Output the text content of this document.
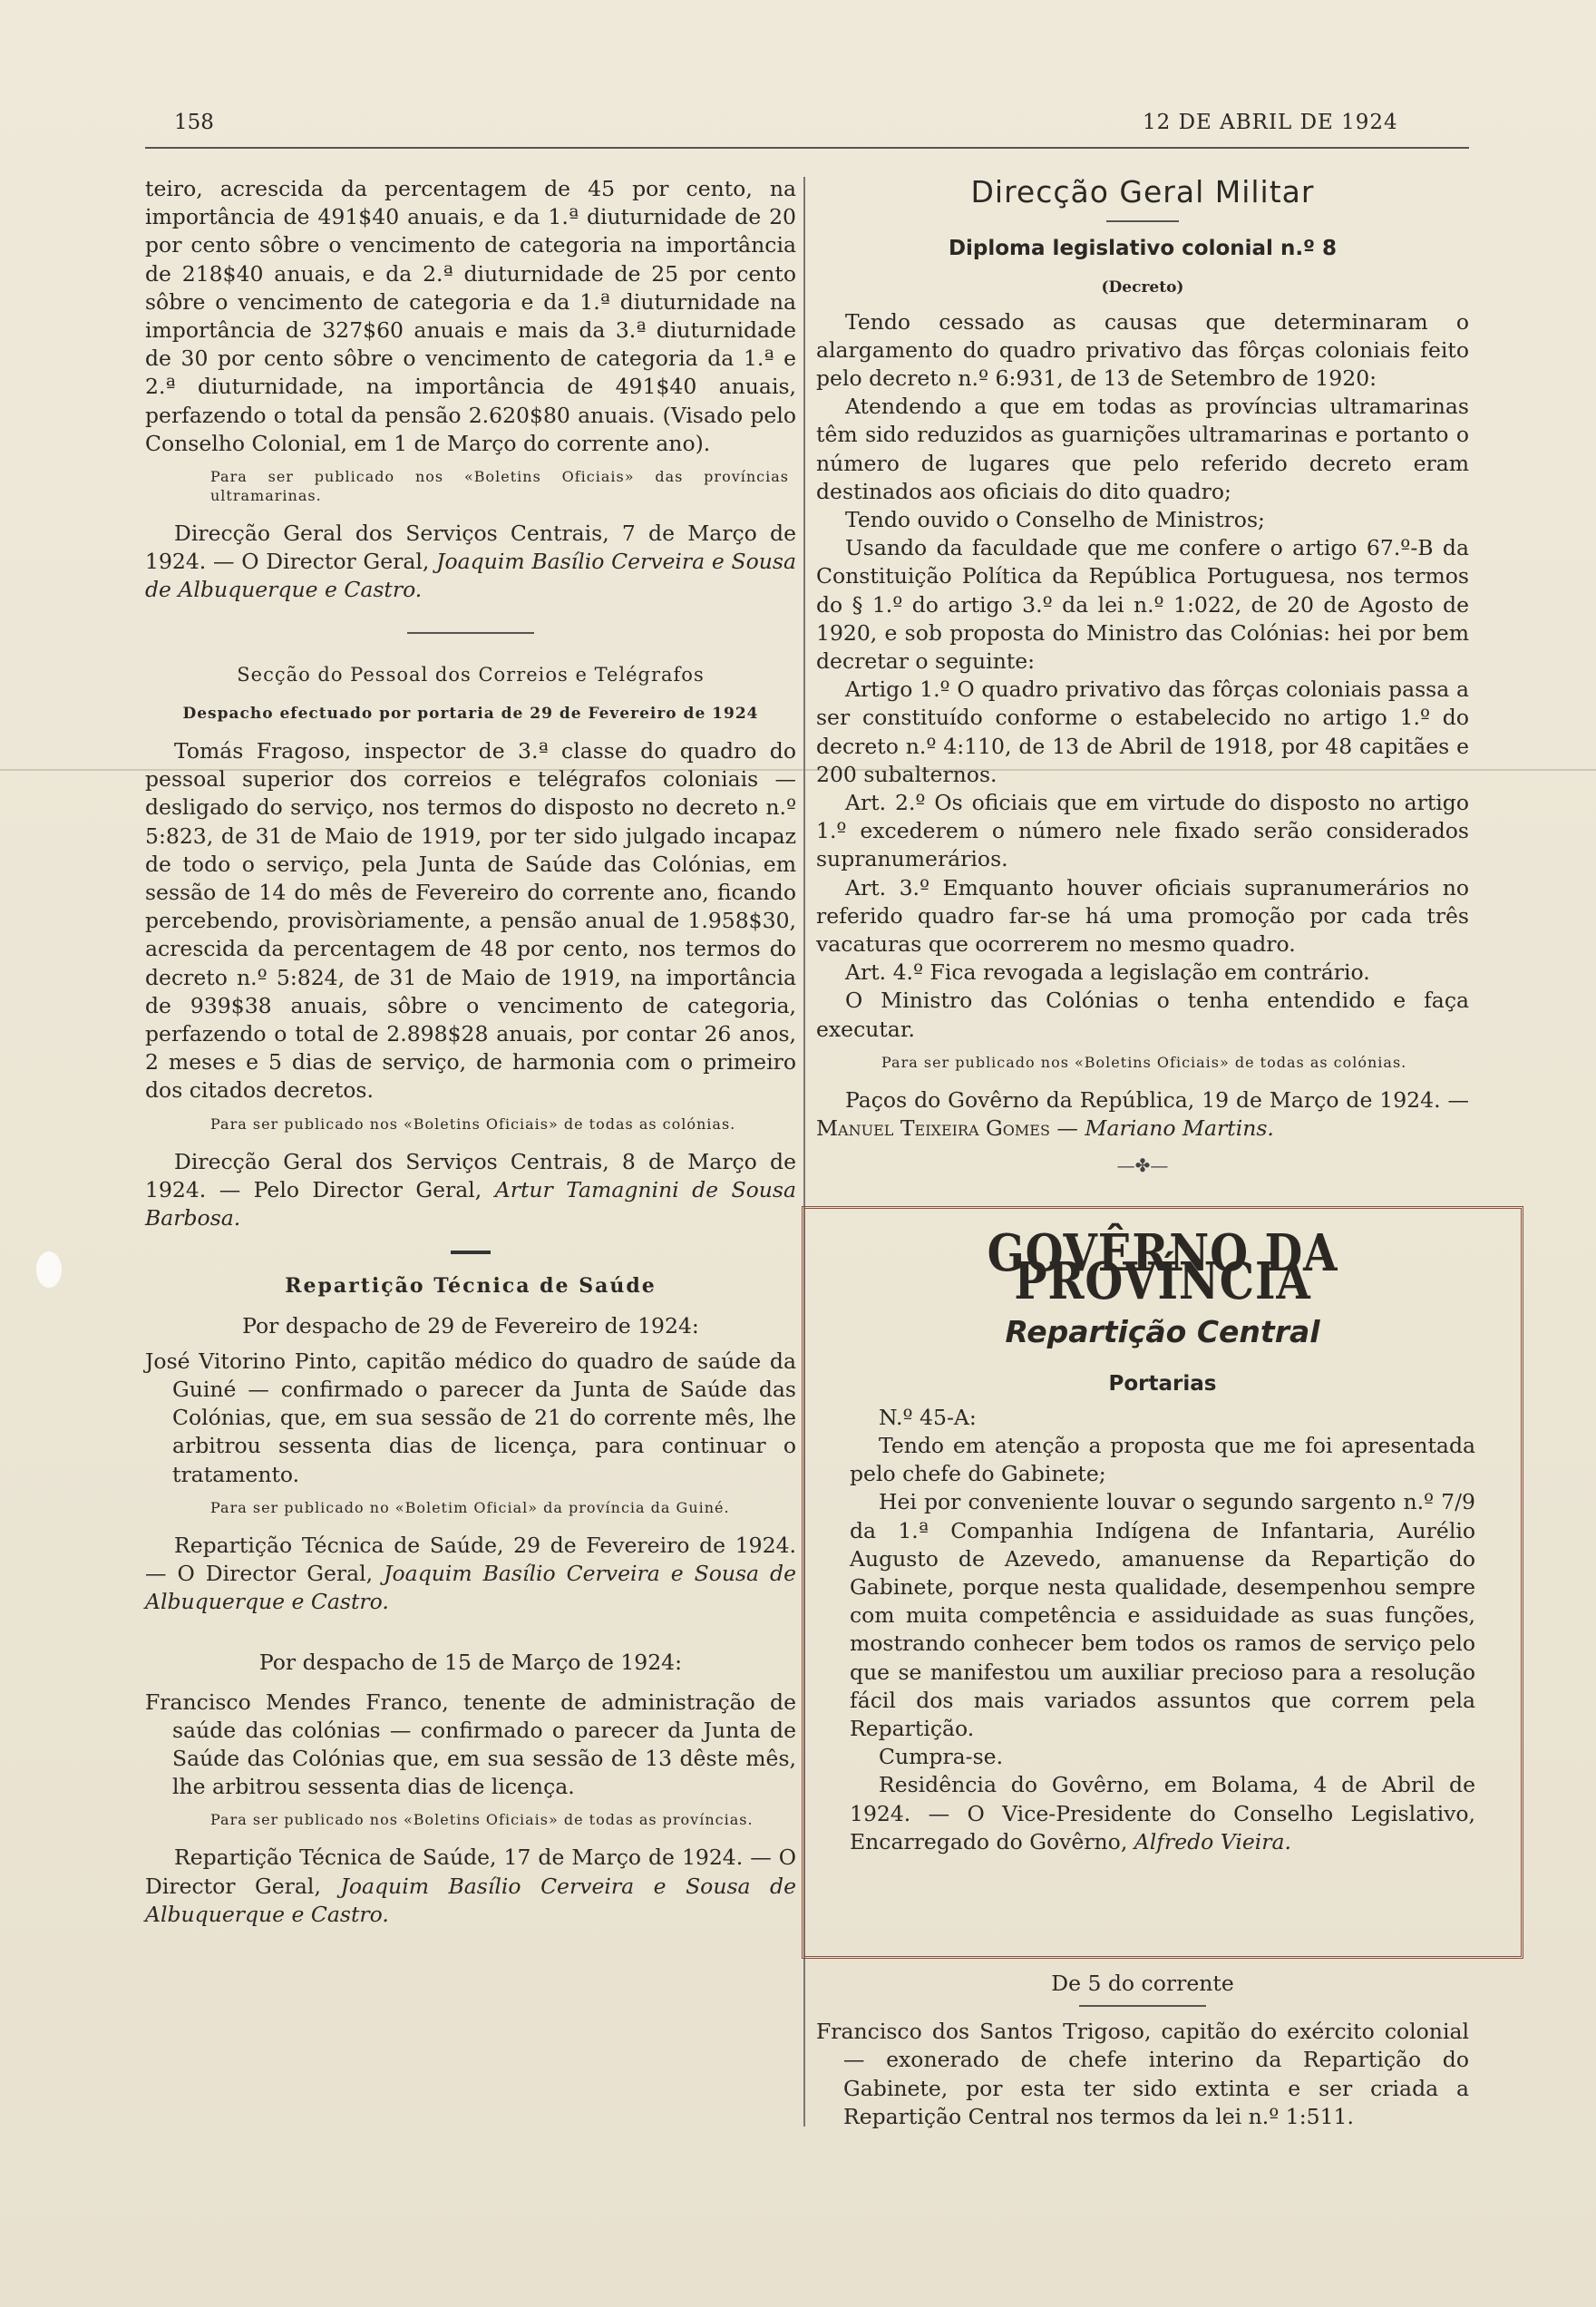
158	12 DE ABRIL DE 1924

teiro, acrescida da percentagem de 45 por cento, na importância de 491$40 anuais, e da 1.ª diuturnidade de 20 por cento sôbre o vencimento de categoria na importância de 218$40 anuais, e da 2.ª diuturnidade de 25 por cento sôbre o vencimento de categoria e da 1.ª diuturnidade na importância de 327$60 anuais e mais da 3.ª diuturnidade de 30 por cento sôbre o vencimento de categoria da 1.ª e 2.ª diuturnidade, na importância de 491$40 anuais, perfazendo o total da pensão 2.620$80 anuais. (Visado pelo Conselho Colonial, em 1 de Março do corrente ano).

Para ser publicado nos «Boletins Oficiais» das províncias ultramarinas.

Direcção Geral dos Serviços Centrais, 7 de Março de 1924. — O Director Geral, Joaquim Basílio Cerveira e Sousa de Albuquerque e Castro.

Secção do Pessoal dos Correios e Telégrafos

Despacho efectuado por portaria de 29 de Fevereiro de 1924

Tomás Fragoso, inspector de 3.ª classe do quadro do pessoal superior dos correios e telégrafos coloniais — desligado do serviço, nos termos do disposto no decreto n.º 5:823, de 31 de Maio de 1919, por ter sido julgado incapaz de todo o serviço, pela Junta de Saúde das Colónias, em sessão de 14 do mês de Fevereiro do corrente ano, ficando percebendo, provisòriamente, a pensão anual de 1.958$30, acrescida da percentagem de 48 por cento, nos termos do decreto n.º 5:824, de 31 de Maio de 1919, na importância de 939$38 anuais, sôbre o vencimento de categoria, perfazendo o total de 2.898$28 anuais, por contar 26 anos, 2 meses e 5 dias de serviço, de harmonia com o primeiro dos citados decretos.

Para ser publicado nos «Boletins Oficiais» de todas as colónias.

Direcção Geral dos Serviços Centrais, 8 de Março de 1924. — Pelo Director Geral, Artur Tamagnini de Sousa Barbosa.

Repartição Técnica de Saúde

Por despacho de 29 de Fevereiro de 1924:

José Vitorino Pinto, capitão médico do quadro de saúde da Guiné — confirmado o parecer da Junta de Saúde das Colónias, que, em sua sessão de 21 do corrente mês, lhe arbitrou sessenta dias de licença, para continuar o tratamento.

Para ser publicado no «Boletim Oficial» da província da Guiné.

Repartição Técnica de Saúde, 29 de Fevereiro de 1924. — O Director Geral, Joaquim Basílio Cerveira e Sousa de Albuquerque e Castro.

Por despacho de 15 de Março de 1924:

Francisco Mendes Franco, tenente de administração de saúde das colónias — confirmado o parecer da Junta de Saúde das Colónias que, em sua sessão de 13 dêste mês, lhe arbitrou sessenta dias de licença.

Para ser publicado nos «Boletins Oficiais» de todas as províncias.

Repartição Técnica de Saúde, 17 de Março de 1924. — O Director Geral, Joaquim Basílio Cerveira e Sousa de Albuquerque e Castro.

Direcção Geral Militar

Diploma legislativo colonial n.º 8

(Decreto)

Tendo cessado as causas que determinaram o alargamento do quadro privativo das fôrças coloniais feito pelo decreto n.º 6:931, de 13 de Setembro de 1920:

Atendendo a que em todas as províncias ultramarinas têm sido reduzidos as guarnições ultramarinas e portanto o número de lugares que pelo referido decreto eram destinados aos oficiais do dito quadro;

Tendo ouvido o Conselho de Ministros;

Usando da faculdade que me confere o artigo 67.º-B da Constituição Política da República Portuguesa, nos termos do § 1.º do artigo 3.º da lei n.º 1:022, de 20 de Agosto de 1920, e sob proposta do Ministro das Colónias: hei por bem decretar o seguinte:

Artigo 1.º O quadro privativo das fôrças coloniais passa a ser constituído conforme o estabelecido no artigo 1.º do decreto n.º 4:110, de 13 de Abril de 1918, por 48 capitães e 200 subalternos.

Art. 2.º Os oficiais que em virtude do disposto no artigo 1.º excederem o número nele fixado serão considerados supranumerários.

Art. 3.º Emquanto houver oficiais supranumerários no referido quadro far-se há uma promoção por cada três vacaturas que ocorrerem no mesmo quadro.

Art. 4.º Fica revogada a legislação em contrário.

O Ministro das Colónias o tenha entendido e faça executar.

Para ser publicado nos «Boletins Oficiais» de todas as colónias.

Paços do Govêrno da República, 19 de Março de 1924. — Manuel Teixeira Gomes — Mariano Martins.

—✤—

GOVÊRNO DA PROVÍNCIA

Repartição Central

Portarias

N.º 45-A:

Tendo em atenção a proposta que me foi apresentada pelo chefe do Gabinete;

Hei por conveniente louvar o segundo sargento n.º 7/9 da 1.ª Companhia Indígena de Infantaria, Aurélio Augusto de Azevedo, amanuense da Repartição do Gabinete, porque nesta qualidade, desempenhou sempre com muita competência e assiduidade as suas funções, mostrando conhecer bem todos os ramos de serviço pelo que se manifestou um auxiliar precioso para a resolução fácil dos mais variados assuntos que correm pela Repartição.

Cumpra-se.

Residência do Govêrno, em Bolama, 4 de Abril de 1924. — O Vice-Presidente do Conselho Legislativo, Encarregado do Govêrno, Alfredo Vieira.

De 5 do corrente

Francisco dos Santos Trigoso, capitão do exército colonial — exonerado de chefe interino da Repartição do Gabinete, por esta ter sido extinta e ser criada a Repartição Central nos termos da lei n.º 1:511.
